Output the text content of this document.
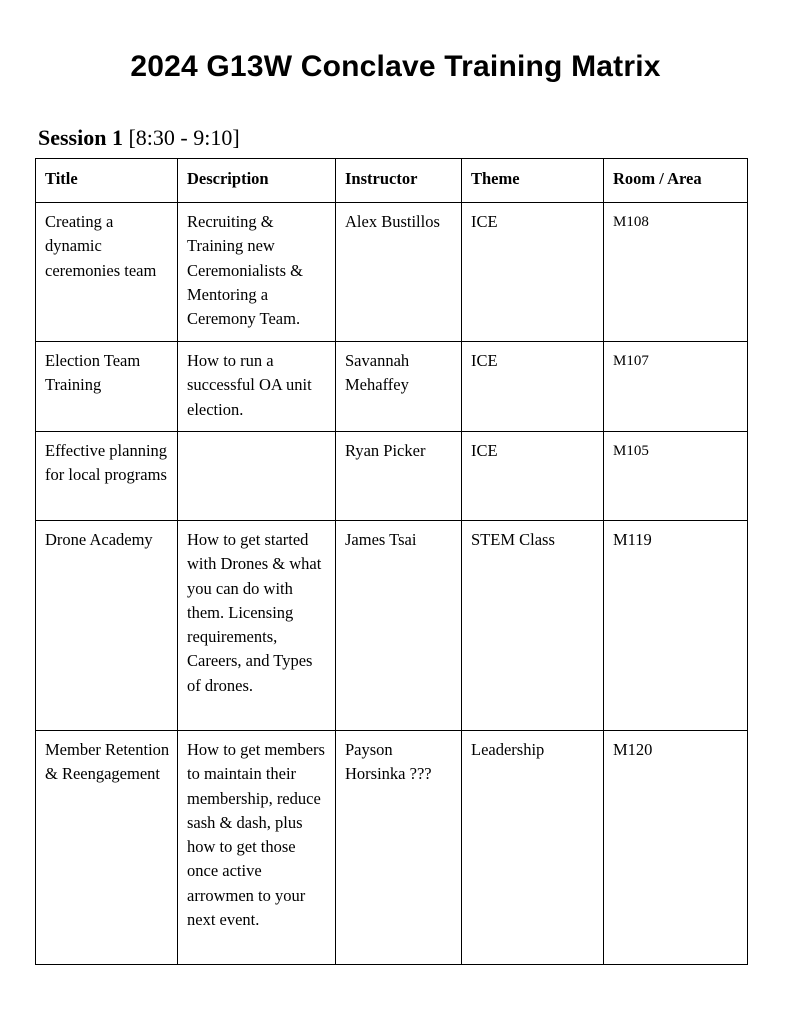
2024 G13W Conclave Training Matrix
Session 1 [8:30 - 9:10]
Title	Description	Instructor	Theme	Room / Area
Creating a dynamic ceremonies team	Recruiting & Training new Ceremonialists & Mentoring a Ceremony Team.	Alex Bustillos	ICE	M108
Election Team Training	How to run a successful OA unit election.	Savannah Mehaffey	ICE	M107
Effective planning for local programs		Ryan Picker	ICE	M105
Drone Academy	How to get started with Drones & what you can do with them. Licensing requirements, Careers, and Types of drones.	James Tsai	STEM Class	M119
Member Retention & Reengagement	How to get members to maintain their membership, reduce sash & dash, plus how to get those once active arrowmen to your next event.	Payson Horsinka ???	Leadership	M120
